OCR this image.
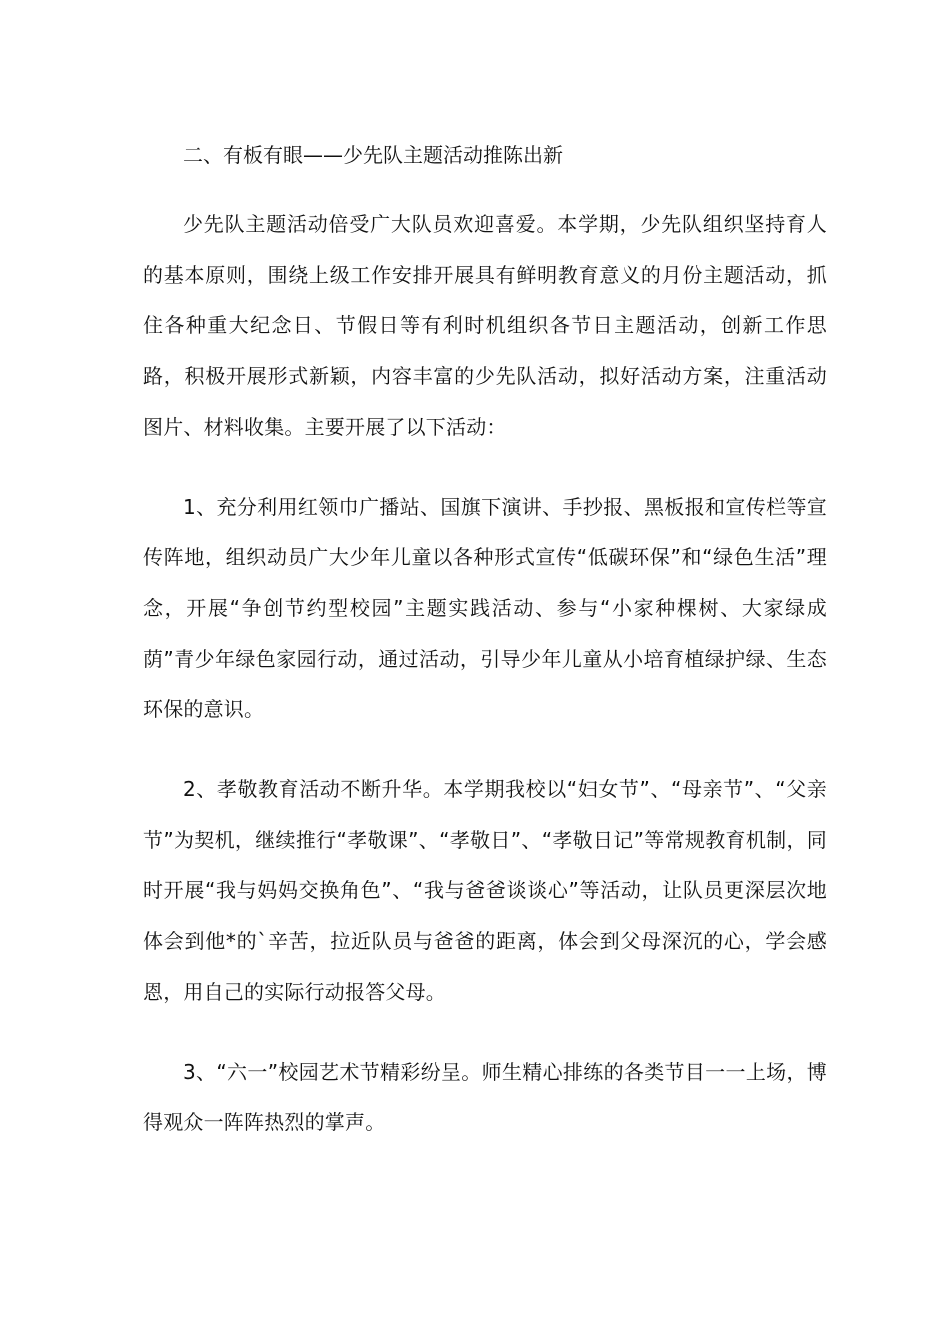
二、有板有眼——少先队主题活动推陈出新

少先队主题活动倍受广大队员欢迎喜爱。本学期，少先队组织坚持育人的基本原则，围绕上级工作安排开展具有鲜明教育意义的月份主题活动，抓住各种重大纪念日、节假日等有利时机组织各节日主题活动，创新工作思路，积极开展形式新颖，内容丰富的少先队活动，拟好活动方案，注重活动图片、材料收集。主要开展了以下活动：

1、充分利用红领巾广播站、国旗下演讲、手抄报、黑板报和宣传栏等宣传阵地，组织动员广大少年儿童以各种形式宣传“低碳环保”和“绿色生活”理念，开展“争创节约型校园”主题实践活动、参与“小家种棵树、大家绿成荫”青少年绿色家园行动，通过活动，引导少年儿童从小培育植绿护绿、生态环保的意识。

2、孝敬教育活动不断升华。本学期我校以“妇女节”、“母亲节”、“父亲节”为契机，继续推行“孝敬课”、“孝敬日”、“孝敬日记”等常规教育机制，同时开展“我与妈妈交换角色”、“我与爸爸谈谈心”等活动，让队员更深层次地体会到他*的`辛苦，拉近队员与爸爸的距离，体会到父母深沉的心，学会感恩，用自己的实际行动报答父母。

3、“六一”校园艺术节精彩纷呈。师生精心排练的各类节目一一上场，博得观众一阵阵热烈的掌声。
